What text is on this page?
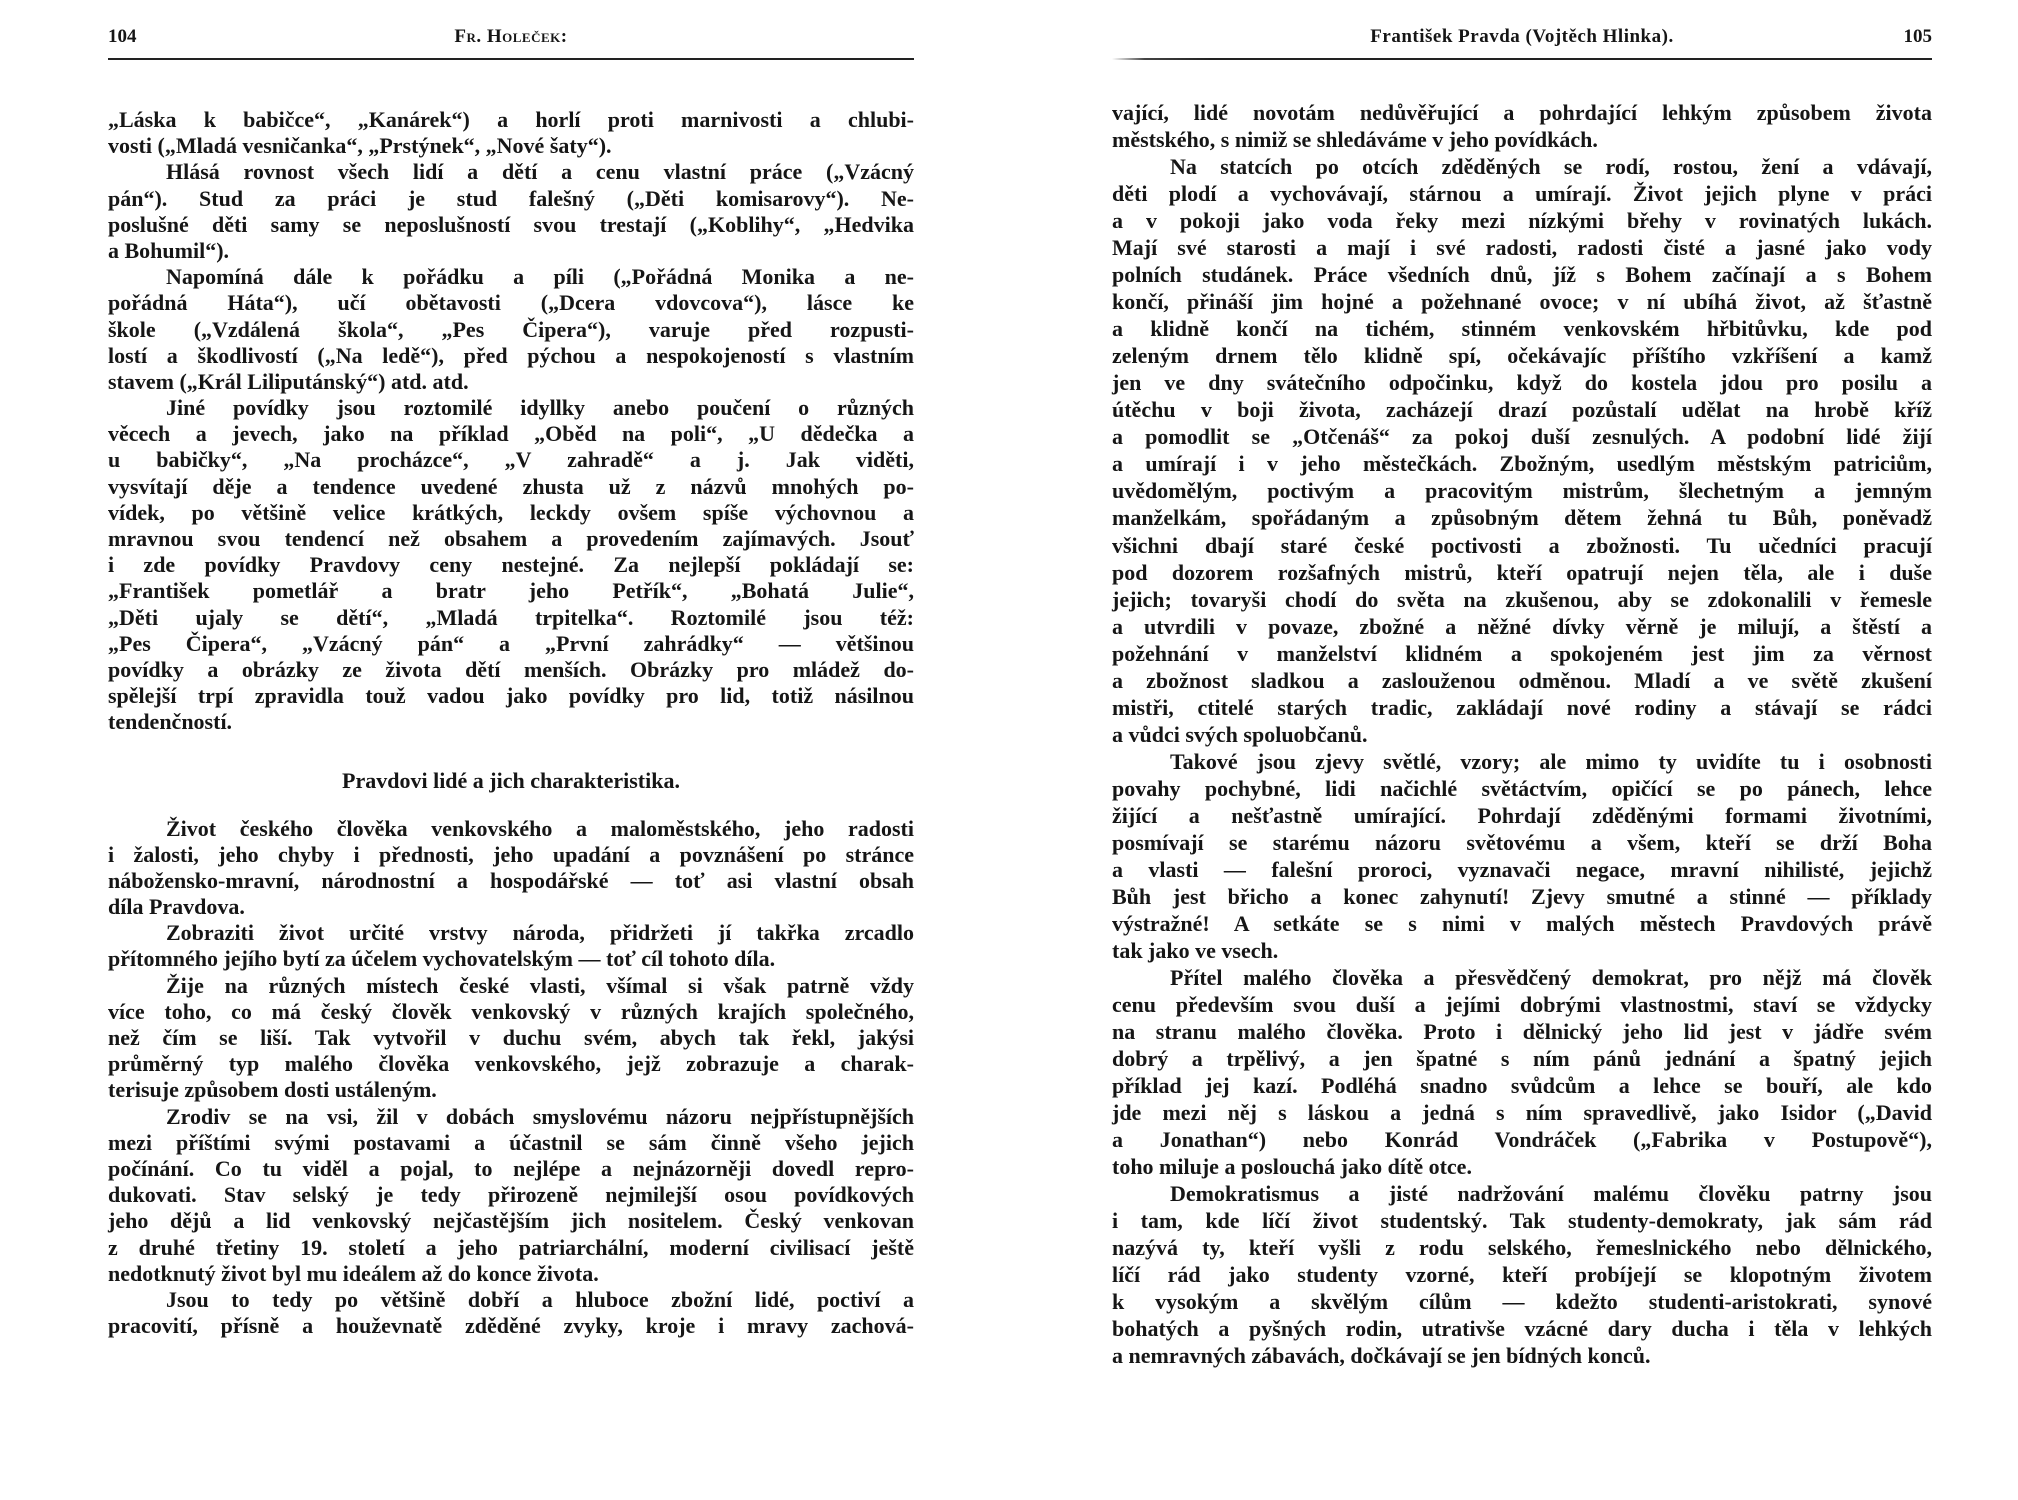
104	Fr. Holeček:
„Láska k babičce“, „Kanárek“) a horlí proti marnivosti a chlubi-
vosti („Mladá vesničanka“, „Prstýnek“, „Nové šaty“).
Hlásá rovnost všech lidí a dětí a cenu vlastní práce („Vzácný
pán“). Stud za práci je stud falešný („Děti komisarovy“). Ne-
poslušné děti samy se neposlušností svou trestají („Koblihy“, „Hedvika
a Bohumil“).
Napomíná dále k pořádku a píli („Pořádná Monika a ne-
pořádná Háta“), učí obětavosti („Dcera vdovcova“), lásce ke
škole („Vzdálená škola“, „Pes Čipera“), varuje před rozpusti-
lostí a škodlivostí („Na ledě“), před pýchou a nespokojeností s vlastním
stavem („Král Liliputánský“) atd. atd.
Jiné povídky jsou roztomilé idyllky anebo poučení o různých
věcech a jevech, jako na příklad „Oběd na poli“, „U dědečka a
u babičky“, „Na procházce“, „V zahradě“ a j. Jak viděti,
vysvítají děje a tendence uvedené zhusta už z názvů mnohých po-
vídek, po většině velice krátkých, leckdy ovšem spíše výchovnou a
mravnou svou tendencí než obsahem a provedením zajímavých. Jsouť
i zde povídky Pravdovy ceny nestejné. Za nejlepší pokládají se:
„František pometlář a bratr jeho Petřík“, „Bohatá Julie“,
„Děti ujaly se dětí“, „Mladá trpitelka“. Roztomilé jsou též:
„Pes Čipera“, „Vzácný pán“ a „První zahrádky“ — většinou
povídky a obrázky ze života dětí menších. Obrázky pro mládež do-
spělejší trpí zpravidla touž vadou jako povídky pro lid, totiž násilnou
tendenčností.
Pravdovi lidé a jich charakteristika.
Život českého člověka venkovského a maloměstského, jeho radosti
i žalosti, jeho chyby i přednosti, jeho upadání a povznášení po stránce
nábožensko-mravní, národnostní a hospodářské — toť asi vlastní obsah
díla Pravdova.
Zobraziti život určité vrstvy národa, přidržeti jí takřka zrcadlo
přítomného jejího bytí za účelem vychovatelským — toť cíl tohoto díla.
Žije na různých místech české vlasti, všímal si však patrně vždy
více toho, co má český člověk venkovský v různých krajích společného,
než čím se liší. Tak vytvořil v duchu svém, abych tak řekl, jakýsi
průměrný typ malého člověka venkovského, jejž zobrazuje a charak-
terisuje způsobem dosti ustáleným.
Zrodiv se na vsi, žil v dobách smyslovému názoru nejpřístupnějších
mezi příštími svými postavami a účastnil se sám činně všeho jejich
počínání. Co tu viděl a pojal, to nejlépe a nejnázorněji dovedl repro-
dukovati. Stav selský je tedy přirozeně nejmilejší osou povídkových
jeho dějů a lid venkovský nejčastějším jich nositelem. Český venkovan
z druhé třetiny 19. století a jeho patriarchální, moderní civilisací ještě
nedotknutý život byl mu ideálem až do konce života.
Jsou to tedy po většině dobří a hluboce zbožní lidé, poctiví a
pracovití, přísně a houževnatě zděděné zvyky, kroje i mravy zachová-
František Pravda (Vojtěch Hlinka).	105
vající, lidé novotám nedůvěřující a pohrdající lehkým způsobem života
městského, s nimiž se shledáváme v jeho povídkách.
Na statcích po otcích zděděných se rodí, rostou, žení a vdávají,
děti plodí a vychovávají, stárnou a umírají. Život jejich plyne v práci
a v pokoji jako voda řeky mezi nízkými břehy v rovinatých lukách.
Mají své starosti a mají i své radosti, radosti čisté a jasné jako vody
polních studánek. Práce všedních dnů, jíž s Bohem začínají a s Bohem
končí, přináší jim hojné a požehnané ovoce; v ní ubíhá život, až šťastně
a klidně končí na tichém, stinném venkovském hřbitůvku, kde pod
zeleným drnem tělo klidně spí, očekávajíc příštího vzkříšení a kamž
jen ve dny svátečního odpočinku, když do kostela jdou pro posilu a
útěchu v boji života, zacházejí drazí pozůstalí udělat na hrobě kříž
a pomodlit se „Otčenáš“ za pokoj duší zesnulých. A podobní lidé žijí
a umírají i v jeho městečkách. Zbožným, usedlým městským patriciům,
uvědomělým, poctivým a pracovitým mistrům, šlechetným a jemným
manželkám, spořádaným a způsobným dětem žehná tu Bůh, poněvadž
všichni dbají staré české poctivosti a zbožnosti. Tu učedníci pracují
pod dozorem rozšafných mistrů, kteří opatrují nejen těla, ale i duše
jejich; tovaryši chodí do světa na zkušenou, aby se zdokonalili v řemesle
a utvrdili v povaze, zbožné a něžné dívky věrně je milují, a štěstí a
požehnání v manželství klidném a spokojeném jest jim za věrnost
a zbožnost sladkou a zaslouženou odměnou. Mladí a ve světě zkušení
mistři, ctitelé starých tradic, zakládají nové rodiny a stávají se rádci
a vůdci svých spoluobčanů.
Takové jsou zjevy světlé, vzory; ale mimo ty uvidíte tu i osobnosti
povahy pochybné, lidi načichlé světáctvím, opičící se po pánech, lehce
žijící a nešťastně umírající. Pohrdají zděděnými formami životními,
posmívají se starému názoru světovému a všem, kteří se drží Boha
a vlasti — falešní proroci, vyznavači negace, mravní nihilisté, jejichž
Bůh jest břicho a konec zahynutí! Zjevy smutné a stinné — příklady
výstražné! A setkáte se s nimi v malých městech Pravdových právě
tak jako ve vsech.
Přítel malého člověka a přesvědčený demokrat, pro nějž má člověk
cenu především svou duší a jejími dobrými vlastnostmi, staví se vždycky
na stranu malého člověka. Proto i dělnický jeho lid jest v jádře svém
dobrý a trpělivý, a jen špatné s ním pánů jednání a špatný jejich
příklad jej kazí. Podléhá snadno svůdcům a lehce se bouří, ale kdo
jde mezi něj s láskou a jedná s ním spravedlivě, jako Isidor („David
a Jonathan“) nebo Konrád Vondráček („Fabrika v Postupově“),
toho miluje a poslouchá jako dítě otce.
Demokratismus a jisté nadržování malému člověku patrny jsou
i tam, kde líčí život studentský. Tak studenty-demokraty, jak sám rád
nazývá ty, kteří vyšli z rodu selského, řemeslnického nebo dělnického,
líčí rád jako studenty vzorné, kteří probíjejí se klopotným životem
k vysokým a skvělým cílům — kdežto studenti-aristokrati, synové
bohatých a pyšných rodin, utrativše vzácné dary ducha i těla v lehkých
a nemravných zábavách, dočkávají se jen bídných konců.
